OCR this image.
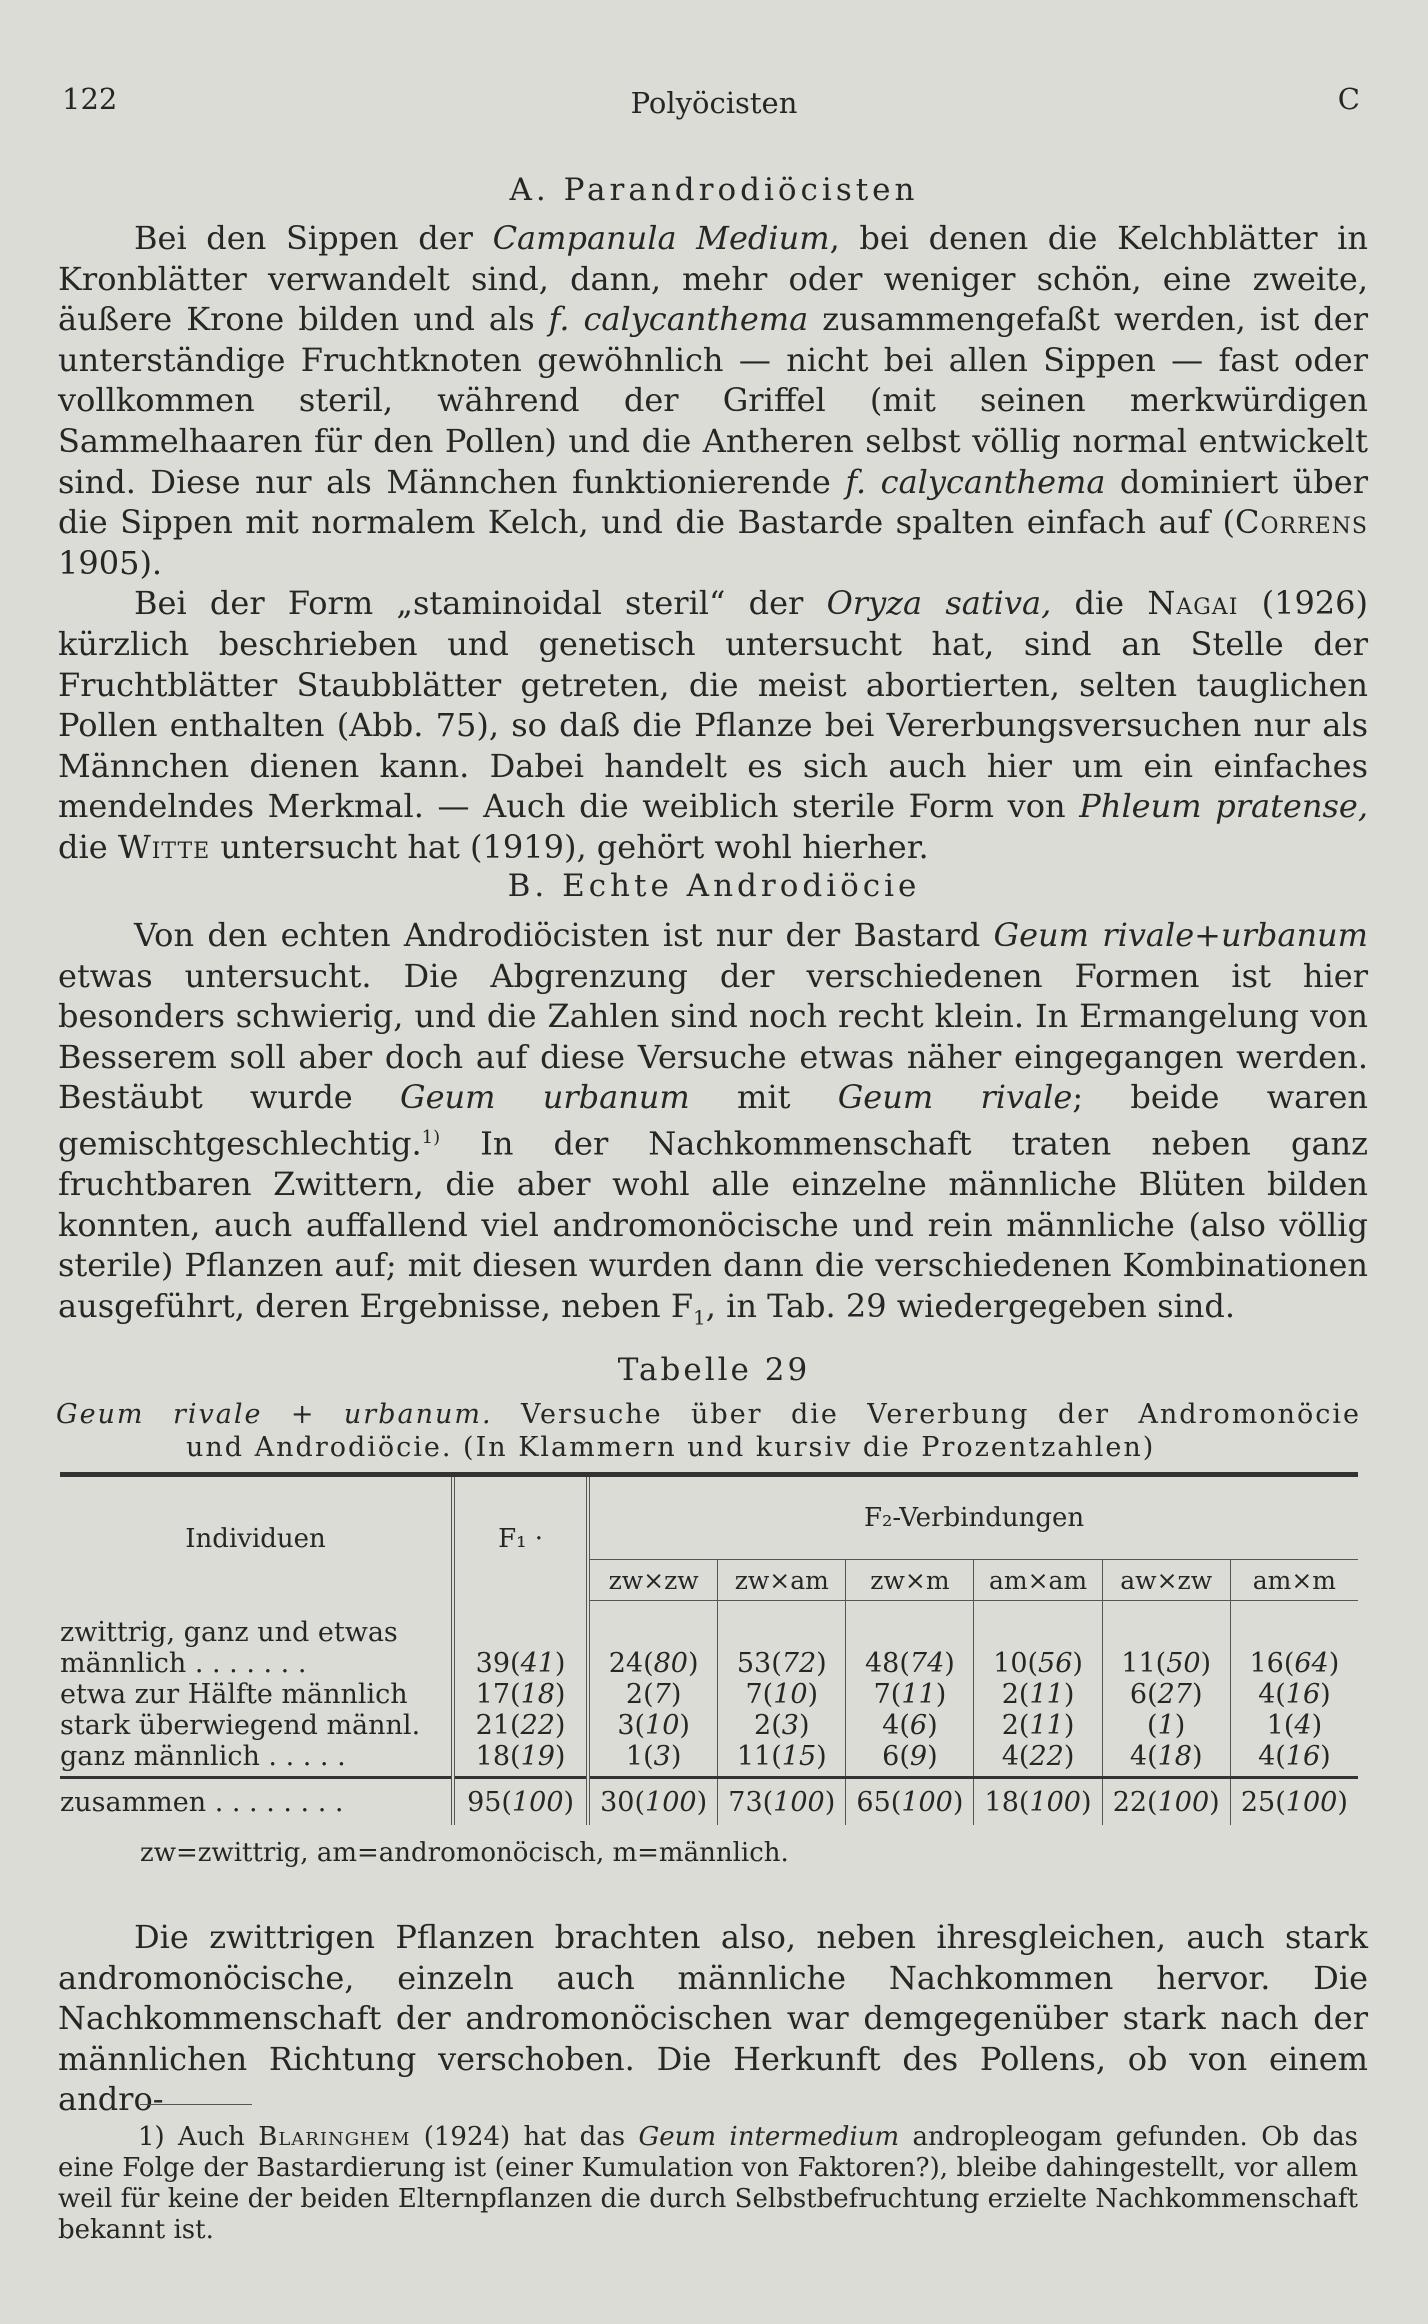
122	Polyöcisten	C
A. Parandrodiöcisten

Bei den Sippen der Campanula Medium, bei denen die Kelchblätter in Kronblätter verwandelt sind, dann, mehr oder weniger schön, eine zweite, äußere Krone bilden und als f. calycanthema zusammengefaßt werden, ist der unterständige Fruchtknoten gewöhnlich — nicht bei allen Sippen — fast oder vollkommen steril, während der Griffel (mit seinen merkwürdigen Sammelhaaren für den Pollen) und die Antheren selbst völlig normal entwickelt sind. Diese nur als Männchen funktionierende f. calycanthema dominiert über die Sippen mit normalem Kelch, und die Bastarde spalten einfach auf (Correns 1905).

Bei der Form „staminoidal steril“ der Oryza sativa, die Nagai (1926) kürzlich beschrieben und genetisch untersucht hat, sind an Stelle der Fruchtblätter Staubblätter getreten, die meist abortierten, selten tauglichen Pollen enthalten (Abb. 75), so daß die Pflanze bei Vererbungsversuchen nur als Männchen dienen kann. Dabei handelt es sich auch hier um ein einfaches mendelndes Merkmal. — Auch die weiblich sterile Form von Phleum pratense, die Witte untersucht hat (1919), gehört wohl hierher.

B. Echte Androdiöcie

Von den echten Androdiöcisten ist nur der Bastard Geum rivale+urbanum etwas untersucht. Die Abgrenzung der verschiedenen Formen ist hier besonders schwierig, und die Zahlen sind noch recht klein. In Ermangelung von Besserem soll aber doch auf diese Versuche etwas näher eingegangen werden. Bestäubt wurde Geum urbanum mit Geum rivale; beide waren gemischtgeschlechtig.$^{1)}$ In der Nachkommenschaft traten neben ganz fruchtbaren Zwittern, die aber wohl alle einzelne männliche Blüten bilden konnten, auch auffallend viel andromonöcische und rein männliche (also völlig sterile) Pflanzen auf; mit diesen wurden dann die verschiedenen Kombinationen ausgeführt, deren Ergebnisse, neben $F_1$, in Tab. 29 wiedergegeben sind.

Tabelle 29
Geum rivale + urbanum. Versuche über die Vererbung der Andromonöcie
und Androdiöcie. (In Klammern und kursiv die Prozentzahlen)
Individuen	F₁ ·	F₂-Verbindungen					
		zw×zw	zw×am	zw×m	am×am	aw×zw	am×m
zwittrig, ganz und etwas							
männlich . . . . . . .	39(41)	24(80)	53(72)	48(74)	10(56)	11(50)	16(64)
etwa zur Hälfte männlich	17(18)	2(7)	7(10)	7(11)	2(11)	6(27)	4(16)
stark überwiegend männl.	21(22)	3(10)	2(3)	4(6)	2(11)	(1)	1(4)
ganz männlich . . . . .	18(19)	1(3)	11(15)	6(9)	4(22)	4(18)	4(16)
zusammen . . . . . . . .	95(100)	30(100)	73(100)	65(100)	18(100)	22(100)	25(100)
zw=zwittrig, am=andromonöcisch, m=männlich.

Die zwittrigen Pflanzen brachten also, neben ihresgleichen, auch stark andromonöcische, einzeln auch männliche Nachkommen hervor. Die Nachkommenschaft der andromonöcischen war demgegenüber stark nach der männlichen Richtung verschoben. Die Herkunft des Pollens, ob von einem andro-

1) Auch Blaringhem (1924) hat das Geum intermedium andropleogam gefunden. Ob das eine Folge der Bastardierung ist (einer Kumulation von Faktoren?), bleibe dahingestellt, vor allem weil für keine der beiden Elternpflanzen die durch Selbstbefruchtung erzielte Nachkommenschaft bekannt ist.
